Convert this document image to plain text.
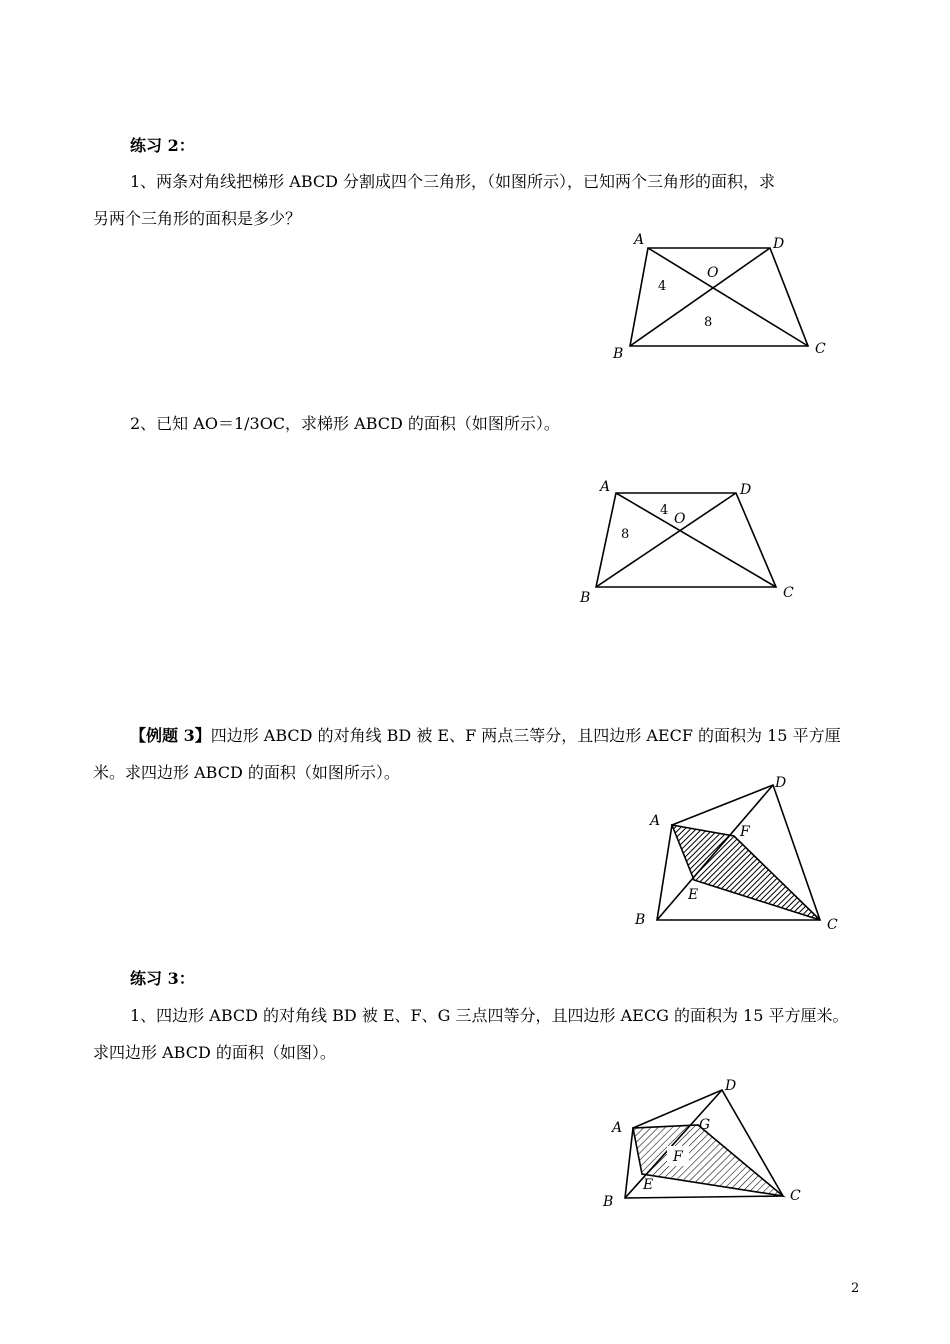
练习 2：
1、两条对角线把梯形 ABCD 分割成四个三角形，（如图所示），已知两个三角形的面积，求
另两个三角形的面积是多少？
A	D
B	C
O
4
8
2、已知 AO＝1/3OC，求梯形 ABCD 的面积（如图所示）。
A	D
B	C
O
4
8
【例题 3】四边形 ABCD 的对角线 BD 被 E、F 两点三等分，且四边形 AECF 的面积为 15 平方厘
米。求四边形 ABCD 的面积（如图所示）。
A
D
B	C
E
F
练习 3：
1、四边形 ABCD 的对角线 BD 被 E、F、G 三点四等分，且四边形 AECG 的面积为 15 平方厘米。
求四边形 ABCD 的面积（如图）。
A
D
B	C
E
F
G
2
